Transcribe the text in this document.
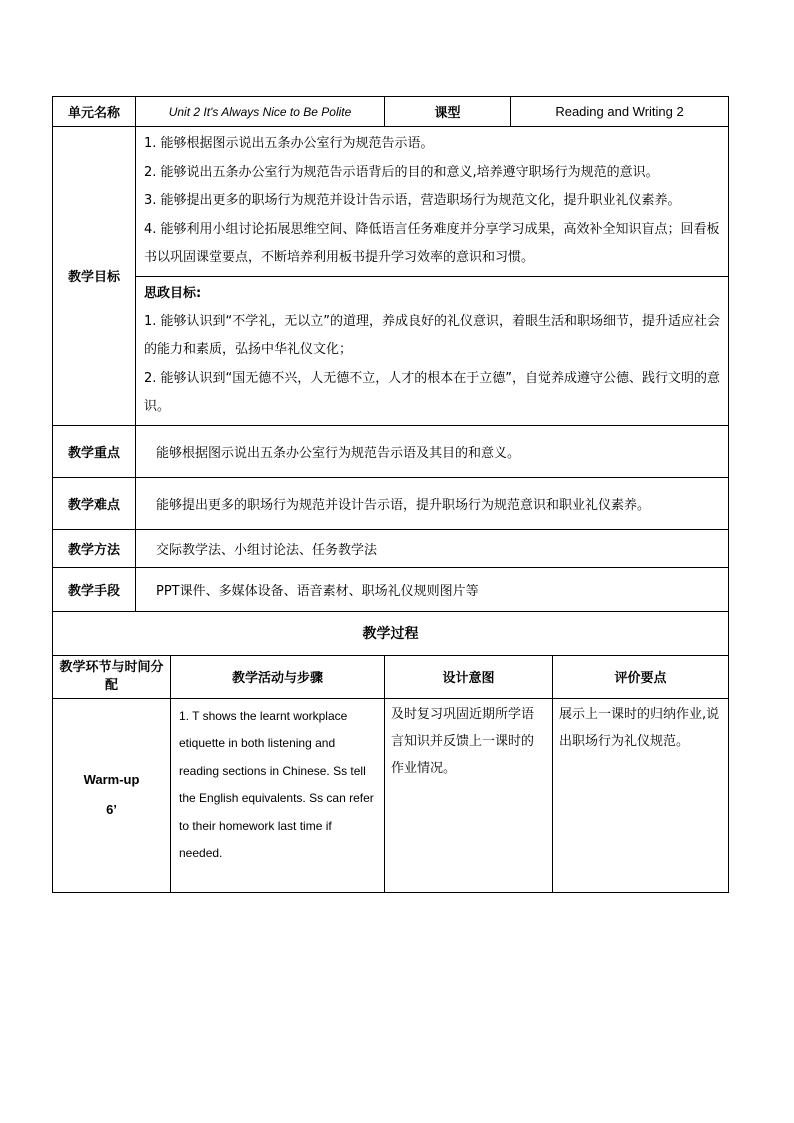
单元名称	Unit 2 It's Always Nice to Be Polite		课型	Reading and Writing 2	
教学目标	1. 能够根据图示说出五条办公室行为规范告示语。
2. 能够说出五条办公室行为规范告示语背后的目的和意义,培养遵守职场行为规范的意识。
3. 能够提出更多的职场行为规范并设计告示语，营造职场行为规范文化，提升职业礼仪素养。
4. 能够利用小组讨论拓展思维空间、降低语言任务难度并分享学习成果，高效补全知识盲点；回看板书以巩固课堂要点，不断培养利用板书提升学习效率的意识和习惯。				

	思政目标:
1. 能够认识到“不学礼，无以立”的道理，养成良好的礼仪意识，着眼生活和职场细节，提升适应社会的能力和素质，弘扬中华礼仪文化；
2. 能够认识到“国无德不兴，人无德不立，人才的根本在于立德”，自觉养成遵守公德、践行文明的意识。				

教学重点	能够根据图示说出五条办公室行为规范告示语及其目的和意义。				
教学难点	能够提出更多的职场行为规范并设计告示语，提升职场行为规范意识和职业礼仪素养。				
教学方法	交际教学法、小组讨论法、任务教学法				
教学手段	PPT课件、多媒体设备、语音素材、职场礼仪规则图片等				
教学过程					
教学环节与时间分配		教学活动与步骤	设计意图		评价要点

Warm-up
6’		1. T shows the learnt workplace etiquette in both listening and reading sections in Chinese. Ss tell the English equivalents. Ss can refer to their homework last time if needed.	及时复习巩固近期所学语言知识并反馈上一课时的作业情况。		展示上一课时的归纳作业,说出职场行为礼仪规范。
